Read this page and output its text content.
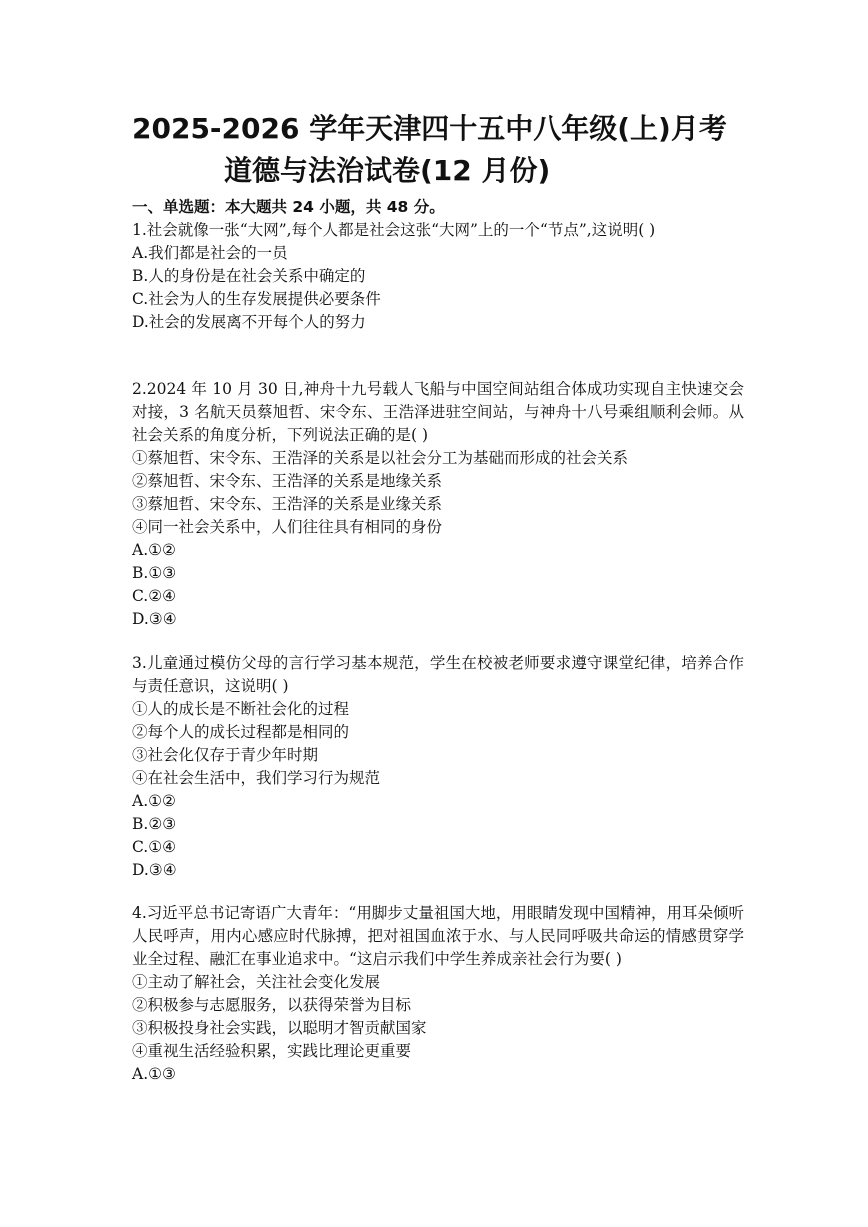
2025-2026 学年天津四十五中八年级(上)月考
道德与法治试卷(12 月份)
一、单选题：本大题共 24 小题，共 48 分。
1.社会就像一张“大网”,每个人都是社会这张“大网”上的一个“节点”,这说明( )
A.我们都是社会的一员
B.人的身份是在社会关系中确定的
C.社会为人的生存发展提供必要条件
D.社会的发展离不开每个人的努力
2.2024 年 10 月 30 日,神舟十九号载人飞船与中国空间站组合体成功实现自主快速交会对接，3 名航天员蔡旭哲、宋令东、王浩泽进驻空间站，与神舟十八号乘组顺利会师。从社会关系的角度分析，下列说法正确的是( )
①蔡旭哲、宋令东、王浩泽的关系是以社会分工为基础而形成的社会关系
②蔡旭哲、宋令东、王浩泽的关系是地缘关系
③蔡旭哲、宋令东、王浩泽的关系是业缘关系
④同一社会关系中，人们往往具有相同的身份
A.①②
B.①③
C.②④
D.③④
3.儿童通过模仿父母的言行学习基本规范，学生在校被老师要求遵守课堂纪律，培养合作与责任意识，这说明( )
①人的成长是不断社会化的过程
②每个人的成长过程都是相同的
③社会化仅存于青少年时期
④在社会生活中，我们学习行为规范
A.①②
B.②③
C.①④
D.③④
4.习近平总书记寄语广大青年：“用脚步丈量祖国大地，用眼睛发现中国精神，用耳朵倾听人民呼声，用内心感应时代脉搏，把对祖国血浓于水、与人民同呼吸共命运的情感贯穿学业全过程、融汇在事业追求中。“这启示我们中学生养成亲社会行为要( )
①主动了解社会，关注社会变化发展
②积极参与志愿服务，以获得荣誉为目标
③积极投身社会实践，以聪明才智贡献国家
④重视生活经验积累，实践比理论更重要
A.①③
